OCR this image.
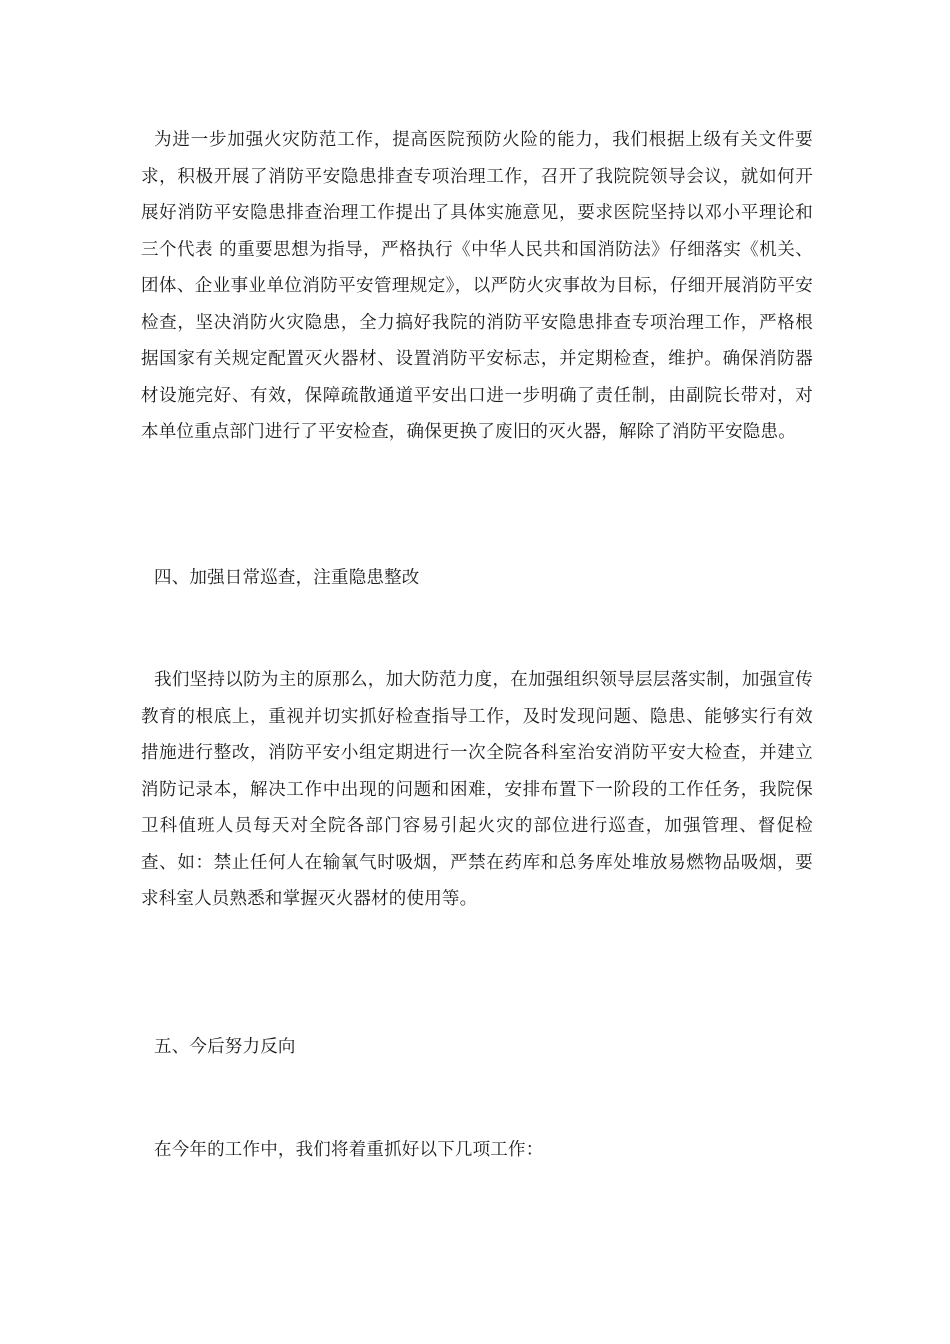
为进一步加强火灾防范工作，提高医院预防火险的能力，我们根据上级有关文件要求，积极开展了消防平安隐患排查专项治理工作，召开了我院院领导会议，就如何开展好消防平安隐患排查治理工作提出了具体实施意见，要求医院坚持以邓小平理论和 三个代表 的重要思想为指导，严格执行《中华人民共和国消防法》仔细落实《机关、团体、企业事业单位消防平安管理规定》，以严防火灾事故为目标，仔细开展消防平安检查，坚决消防火灾隐患，全力搞好我院的消防平安隐患排查专项治理工作，严格根据国家有关规定配置灭火器材、设置消防平安标志，并定期检查，维护。确保消防器材设施完好、有效，保障疏散通道平安出口进一步明确了责任制，由副院长带对，对本单位重点部门进行了平安检查，确保更换了废旧的灭火器，解除了消防平安隐患。

四、加强日常巡查，注重隐患整改

我们坚持以防为主的原那么，加大防范力度，在加强组织领导层层落实制，加强宣传教育的根底上，重视并切实抓好检查指导工作，及时发现问题、隐患、能够实行有效措施进行整改，消防平安小组定期进行一次全院各科室治安消防平安大检查，并建立消防记录本，解决工作中出现的问题和困难，安排布置下一阶段的工作任务，我院保卫科值班人员每天对全院各部门容易引起火灾的部位进行巡查，加强管理、督促检查、如：禁止任何人在输氧气时吸烟，严禁在药库和总务库处堆放易燃物品吸烟，要求科室人员熟悉和掌握灭火器材的使用等。

五、今后努力反向

在今年的工作中，我们将着重抓好以下几项工作：
